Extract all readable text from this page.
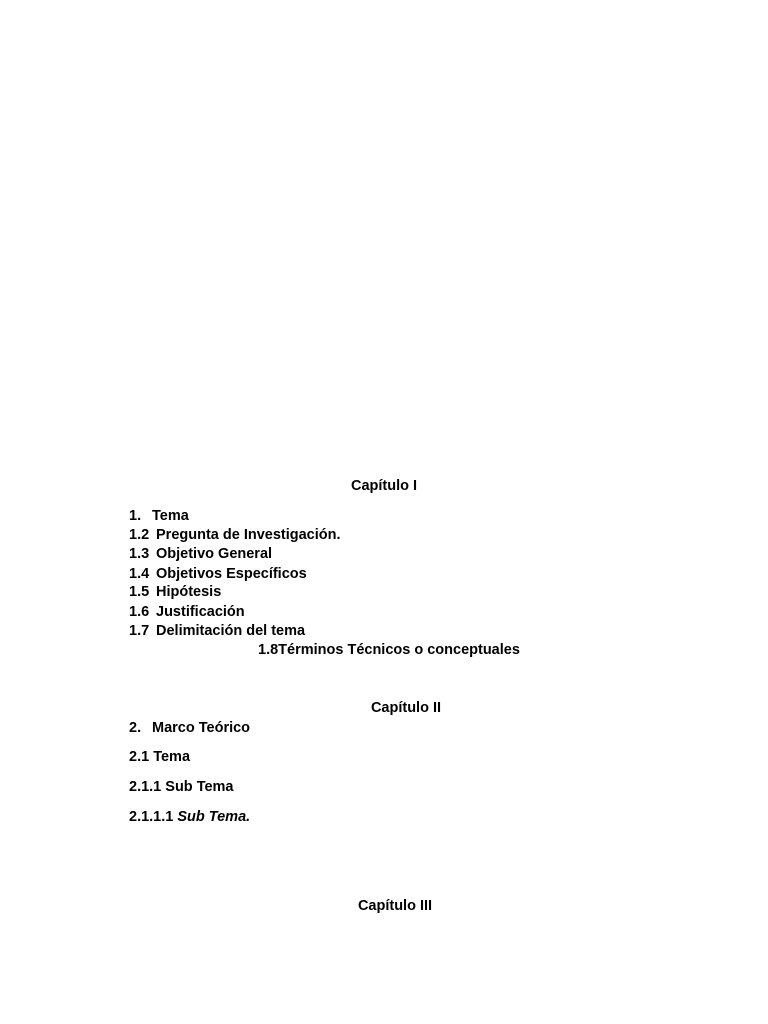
Capítulo I
1. Tema
1.2 Pregunta de Investigación.
1.3 Objetivo General
1.4 Objetivos Específicos
1.5 Hipótesis
1.6 Justificación
1.7 Delimitación del tema
1.8Términos Técnicos o conceptuales
Capítulo II
2. Marco Teórico
2.1 Tema
2.1.1 Sub Tema
2.1.1.1 Sub Tema.
Capítulo III
